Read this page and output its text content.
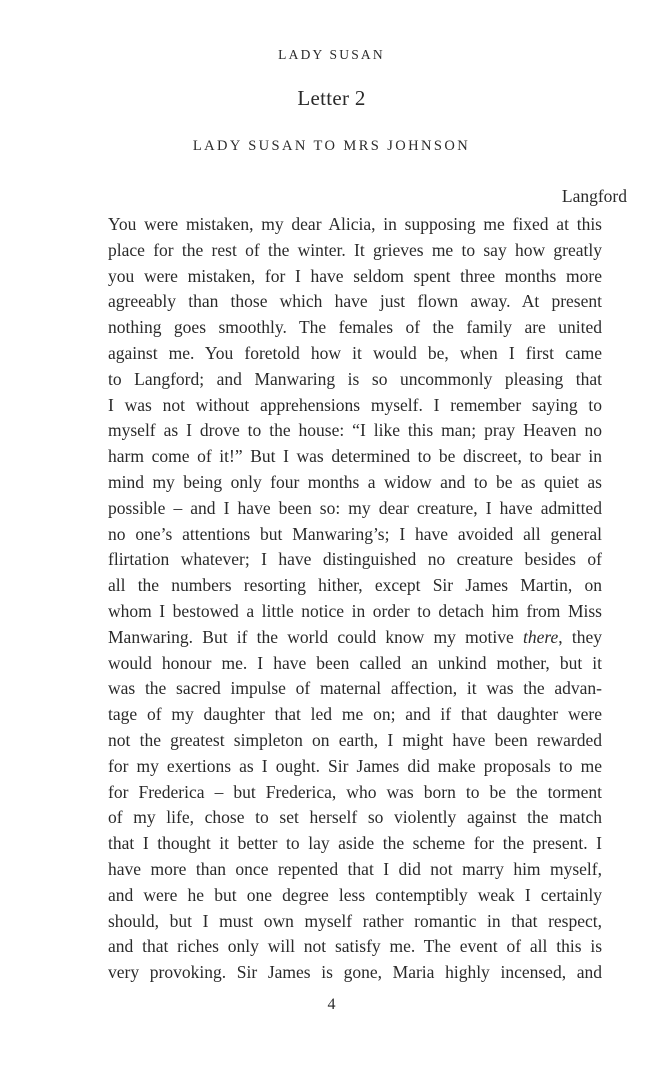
LADY SUSAN
Letter 2
LADY SUSAN TO MRS JOHNSON
Langford
You were mistaken, my dear Alicia, in supposing me fixed at this
place for the rest of the winter. It grieves me to say how greatly
you were mistaken, for I have seldom spent three months more
agreeably than those which have just flown away. At present
nothing goes smoothly. The females of the family are united
against me. You foretold how it would be, when I first came
to Langford; and Manwaring is so uncommonly pleasing that
I was not without apprehensions myself. I remember saying to
myself as I drove to the house: “I like this man; pray Heaven no
harm come of it!” But I was determined to be discreet, to bear in
mind my being only four months a widow and to be as quiet as
possible – and I have been so: my dear creature, I have admitted
no one’s attentions but Manwaring’s; I have avoided all general
flirtation whatever; I have distinguished no creature besides of
all the numbers resorting hither, except Sir James Martin, on
whom I bestowed a little notice in order to detach him from Miss
Manwaring. But if the world could know my motive there, they
would honour me. I have been called an unkind mother, but it
was the sacred impulse of maternal affection, it was the advan-
tage of my daughter that led me on; and if that daughter were
not the greatest simpleton on earth, I might have been rewarded
for my exertions as I ought. Sir James did make proposals to me
for Frederica – but Frederica, who was born to be the torment
of my life, chose to set herself so violently against the match
that I thought it better to lay aside the scheme for the present. I
have more than once repented that I did not marry him myself,
and were he but one degree less contemptibly weak I certainly
should, but I must own myself rather romantic in that respect,
and that riches only will not satisfy me. The event of all this is
very provoking. Sir James is gone, Maria highly incensed, and
4
